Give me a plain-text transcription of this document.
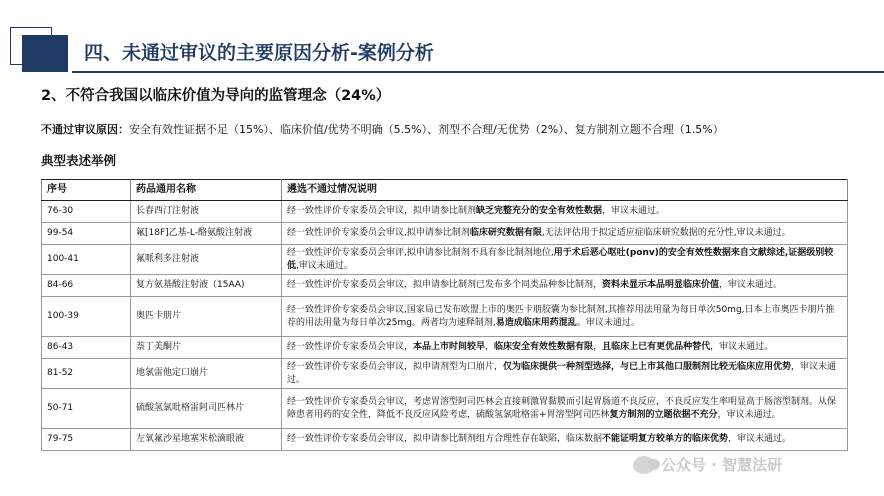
四、未通过审议的主要原因分析-案例分析
2、不符合我国以临床价值为导向的监管理念（24%）
不通过审议原因：安全有效性证据不足（15%）、临床价值/优势不明确（5.5%）、剂型不合理/无优势（2%）、复方制剂立题不合理（1.5%）
典型表述举例
序号	药品通用名称	遴选不通过情况说明
76-30	长春西汀注射液	经一致性评价专家委员会审议，拟申请参比制剂缺乏完整充分的安全有效性数据，审议未通过。
99-54	氟[18F]乙基-L-酪氨酸注射液	经一致性评价专家委员会审议,拟申请参比制剂临床研究数据有限,无法评估用于拟定适应症临床研究数据的充分性,审议未通过。
100-41	氟哌利多注射液	经一致性评价专家委员会审评,拟申请参比制剂不具有参比制剂地位,用于术后恶心呕吐(ponv)的安全有效性数据来自文献综述,证据级别较低,审议未通过。
84-66	复方氨基酸注射液（15AA)	经一致性评价专家委员会审议，拟申请参比制剂已发布多个同类品种参比制剂，资料未显示本品明显临床价值，审议未通过。
100-39	奥匹卡朋片	经一致性评价专家委员会审议,国家局已发布欧盟上市的奥匹卡朋胶囊为参比制剂,其推荐用法用量为每日单次50mg,日本上市奥匹卡朋片推荐的用法用量为每日单次25mg。两者均为速释制剂,易造成临床用药混乱。审议未通过。
86-43	萘丁美酮片	经一致性评价专家委员会审议，本品上市时间较早，临床安全有效性数据有限，且临床上已有更优品种替代，审议未通过。
81-52	地氯雷他定口崩片	经一致性评价专家委员会审议，拟申请剂型为口崩片，仅为临床提供一种剂型选择，与已上市其他口服制剂比较无临床应用优势，审议未通过。
50-71	硫酸氢氯吡格雷阿司匹林片	经一致性评价专家委员会审议，考虑胃溶型阿司匹林会直接刺激胃黏膜而引起胃肠道不良反应，不良反应发生率明显高于肠溶型制剂。从保障患者用药的安全性，降低不良反应风险考虑，硫酸氢氯吡格雷+胃溶型阿司匹林复方制剂的立题依据不充分，审议未通过。
79-75	左氧氟沙星地塞米松滴眼液	经一致性评价专家委员会审议，拟申请参比制剂组方合理性存在缺陷，临床数据不能证明复方较单方的临床优势，审议未通过。
公众号 · 智慧法研
